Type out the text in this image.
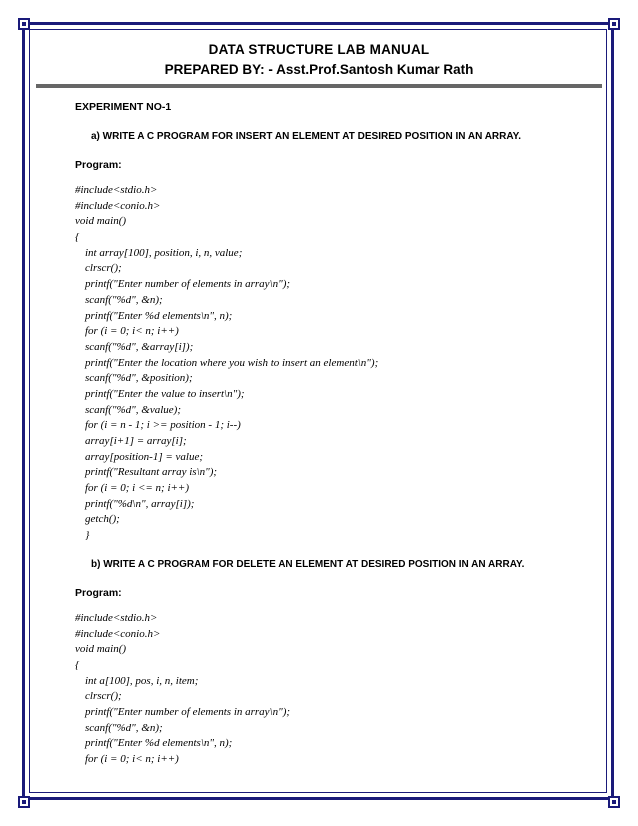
DATA STRUCTURE LAB MANUAL
PREPARED BY: - Asst.Prof.Santosh Kumar Rath
EXPERIMENT NO-1
a) WRITE A C PROGRAM FOR INSERT AN ELEMENT AT DESIRED POSITION IN AN ARRAY.
Program:
#include<stdio.h>
#include<conio.h>
void main()
{
int array[100], position, i, n, value;
clrscr();
printf("Enter number of elements in array\n");
scanf("%d", &n);
printf("Enter %d elements\n", n);
for (i = 0; i< n; i++)
scanf("%d", &array[i]);
printf("Enter the location where you wish to insert an element\n");
scanf("%d", &position);
printf("Enter the value to insert\n");
scanf("%d", &value);
for (i = n - 1; i >= position - 1; i--)
array[i+1] = array[i];
array[position-1] = value;
printf("Resultant array is\n");
for (i = 0; i <= n; i++)
printf("%d\n", array[i]);
getch();
}
b) WRITE A C PROGRAM FOR DELETE AN ELEMENT AT DESIRED POSITION IN AN ARRAY.
Program:
#include<stdio.h>
#include<conio.h>
void main()
{
int a[100], pos, i, n, item;
clrscr();
printf("Enter number of elements in array\n");
scanf("%d", &n);
printf("Enter %d elements\n", n);
for (i = 0; i< n; i++)
